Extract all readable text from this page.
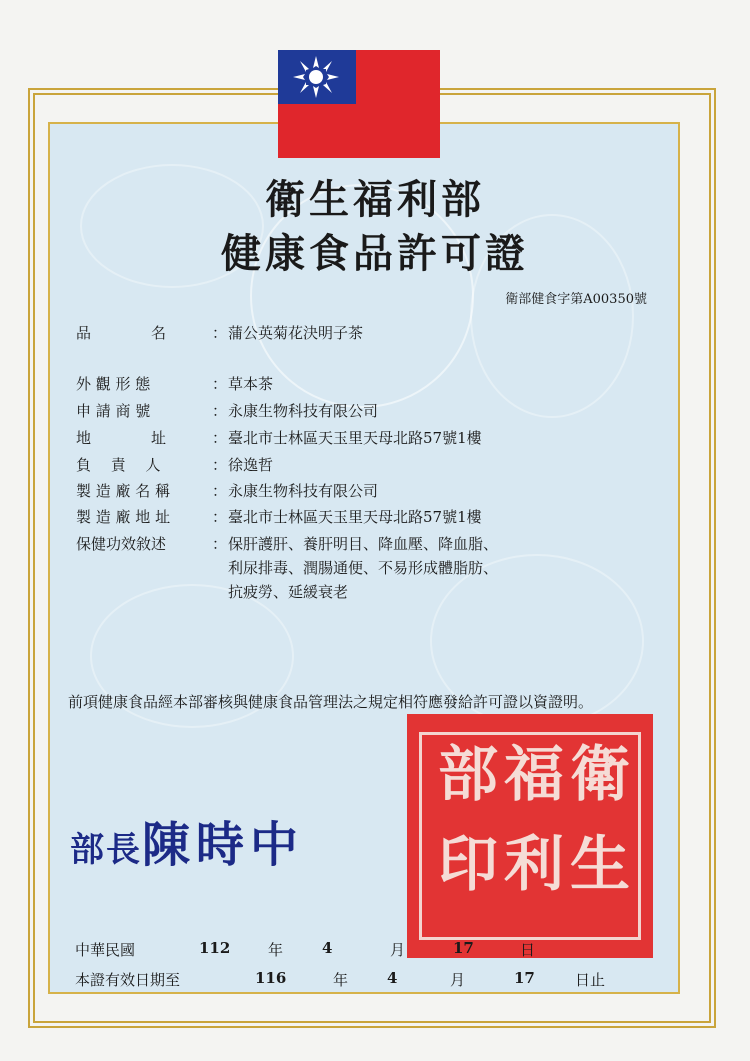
衛生福利部
健康食品許可證
衛部健食字第A00350號
品　　　　名	： 蒲公英菊花決明子茶
外 觀 形 態	： 草本茶
申 請 商 號	： 永康生物科技有限公司
地　　　　址	： 臺北市士林區天玉里天母北路57號1樓
負　 責　 人	： 徐逸哲
製 造 廠 名 稱	： 永康生物科技有限公司
製 造 廠 地 址	： 臺北市士林區天玉里天母北路57號1樓
保健功效敘述	： 保肝護肝、養肝明目、降血壓、降血脂、
利尿排毒、潤腸通便、不易形成體脂肪、
抗疲勞、延緩衰老
前項健康食品經本部審核與健康食品管理法之規定相符應發給許可證以資證明。
衛
福
部
生
利
印
部長陳時中
中華民國	112	年	4	月	17	日
本證有效日期至	116	年	4	月	17	日止
